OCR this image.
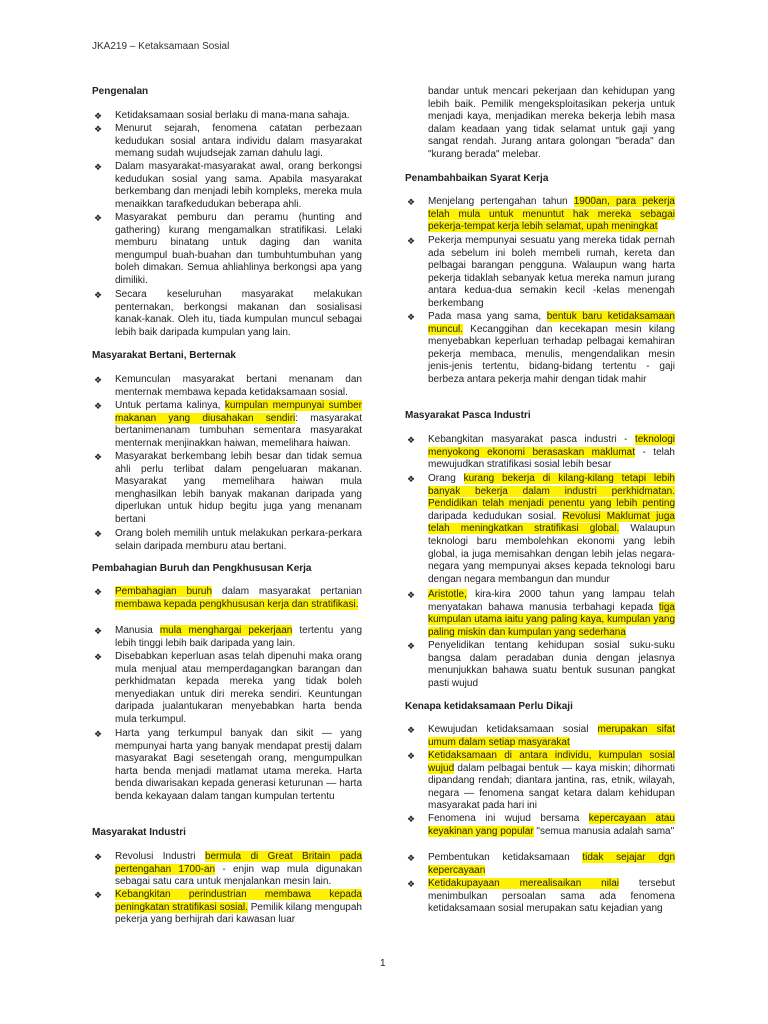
JKA219 – Ketaksamaan Sosial
Pengenalan
❖ Ketidaksamaan sosial berlaku di mana-mana sahaja.
❖ Menurut sejarah, fenomena catatan perbezaan kedudukan sosial antara individu dalam masyarakat memang sudah wujudsejak zaman dahulu lagi.
❖ Dalam masyarakat-masyarakat awal, orang berkongsi kedudukan sosial yang sama. Apabila masyarakat berkembang dan menjadi lebih kompleks, mereka mula menaikkan tarafkedudukan beberapa ahli.
❖ Masyarakat pemburu dan peramu (hunting and gathering) kurang mengamalkan stratifikasi. Lelaki memburu binatang untuk daging dan wanita mengumpul buah-buahan dan tumbuhtumbuhan yang boleh dimakan. Semua ahliahlinya berkongsi apa yang dimiliki.
❖ Secara keseluruhan masyarakat melakukan penternakan, berkongsi makanan dan sosialisasi kanak-kanak. Oleh itu, tiada kumpulan muncul sebagai lebih baik daripada kumpulan yang lain.
Masyarakat Bertani, Berternak
❖ Kemunculan masyarakat bertani menanam dan menternak membawa kepada ketidaksamaan sosial.
❖ Untuk pertama kalinya, kumpulan mempunyai sumber makanan yang diusahakan sendiri: masyarakat bertanimenanam tumbuhan sementara masyarakat menternak menjinakkan haiwan, memelihara haiwan.
❖ Masyarakat berkembang lebih besar dan tidak semua ahli perlu terlibat dalam pengeluaran makanan. Masyarakat yang memelihara haiwan mula menghasilkan lebih banyak makanan daripada yang diperlukan untuk hidup begitu juga yang menanam bertani
❖ Orang boleh memilih untuk melakukan perkara-perkara selain daripada memburu atau bertani.
Pembahagian Buruh dan Pengkhususan Kerja
❖ Pembahagian buruh dalam masyarakat pertanian membawa kepada pengkhususan kerja dan stratifikasi.
❖ Manusia mula menghargai pekerjaan tertentu yang lebih tinggi lebih baik daripada yang lain.
❖ Disebabkan keperluan asas telah dipenuhi maka orang mula menjual atau memperdagangkan barangan dan perkhidmatan kepada mereka yang tidak boleh menyediakan untuk diri mereka sendiri. Keuntungan daripada jualantukaran menyebabkan harta benda mula terkumpul.
❖ Harta yang terkumpul banyak dan sikit — yang mempunyai harta yang banyak mendapat prestij dalam masyarakat Bagi sesetengah orang, mengumpulkan harta benda menjadi matlamat utama mereka. Harta benda diwarisakan kepada generasi keturunan — harta benda kekayaan dalam tangan kumpulan tertentu
Masyarakat Industri
❖ Revolusi Industri bermula di Great Britain pada pertengahan 1700-an - enjin wap mula digunakan sebagai satu cara untuk menjalankan mesin lain.
❖ Kebangkitan perindustrian membawa kepada peningkatan stratifikasi sosial. Pemilik kilang mengupah pekerja yang berhijrah dari kawasan luar
bandar untuk mencari pekerjaan dan kehidupan yang lebih baik. Pemilik mengeksploitasikan pekerja untuk menjadi kaya, menjadikan mereka bekerja lebih masa dalam keadaan yang tidak selamat untuk gaji yang sangat rendah. Jurang antara golongan "berada" dan "kurang berada" melebar.
Penambahbaikan Syarat Kerja
❖ Menjelang pertengahan tahun 1900an, para pekerja telah mula untuk menuntut hak mereka sebagai pekerja-tempat kerja lebih selamat, upah meningkat
❖ Pekerja mempunyai sesuatu yang mereka tidak pernah ada sebelum ini boleh membeli rumah, kereta dan pelbagai barangan pengguna. Walaupun wang harta pekerja tidaklah sebanyak ketua mereka namun jurang antara kedua-dua semakin kecil -kelas menengah berkembang
❖ Pada masa yang sama, bentuk baru ketidaksamaan muncul. Kecanggihan dan kecekapan mesin kilang menyebabkan keperluan terhadap pelbagai kemahiran pekerja membaca, menulis, mengendalikan mesin jenis-jenis tertentu, bidang-bidang tertentu - gaji berbeza antara pekerja mahir dengan tidak mahir
Masyarakat Pasca Industri
❖ Kebangkitan masyarakat pasca industri - teknologi menyokong ekonomi berasaskan maklumat - telah mewujudkan stratifikasi sosial lebih besar
❖ Orang kurang bekerja di kilang-kilang tetapi lebih banyak bekerja dalam industri perkhidmatan. Pendidikan telah menjadi penentu yang lebih penting daripada kedudukan sosial. Revolusi Maklumat juga telah meningkatkan stratifikasi global. Walaupun teknologi baru membolehkan ekonomi yang lebih global, ia juga memisahkan dengan lebih jelas negara-negara yang mempunyai akses kepada teknologi baru dengan negara membangun dan mundur
❖ Aristotle, kira-kira 2000 tahun yang lampau telah menyatakan bahawa manusia terbahagi kepada tiga kumpulan utama iaitu yang paling kaya, kumpulan yang paling miskin dan kumpulan yang sederhana
❖ Penyelidikan tentang kehidupan sosial suku-suku bangsa dalam peradaban dunia dengan jelasnya menunjukkan bahawa suatu bentuk susunan pangkat pasti wujud
Kenapa ketidaksamaan Perlu Dikaji
❖ Kewujudan ketidaksamaan sosial merupakan sifat umum dalam setiap masyarakat
❖ Ketidaksamaan di antara individu, kumpulan sosial wujud dalam pelbagai bentuk — kaya miskin; dihormati dipandang rendah; diantara jantina, ras, etnik, wilayah, negara — fenomena sangat ketara dalam kehidupan masyarakat pada hari ini
❖ Fenomena ini wujud bersama kepercayaan atau keyakinan yang popular "semua manusia adalah sama"
❖ Pembentukan ketidaksamaan tidak sejajar dgn kepercayaan
❖ Ketidakupayaan merealisaikan nilai tersebut menimbulkan persoalan sama ada fenomena ketidaksamaan sosial merupakan satu kejadian yang
1
